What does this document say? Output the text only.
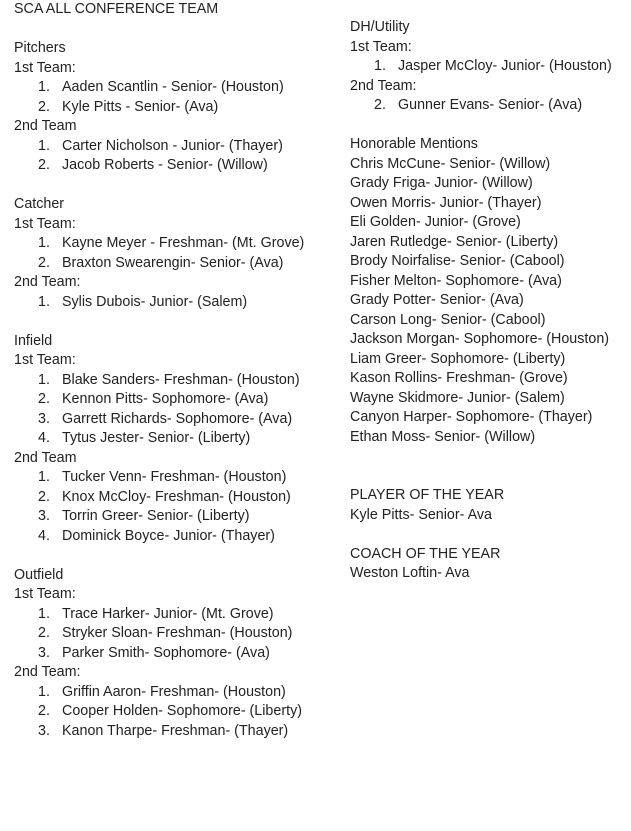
SCA ALL CONFERENCE TEAM
Pitchers
1st Team:
1. Aaden Scantlin - Senior- (Houston)
2. Kyle Pitts - Senior- (Ava)
2nd Team
1. Carter Nicholson - Junior- (Thayer)
2. Jacob Roberts - Senior- (Willow)
Catcher
1st Team:
1. Kayne Meyer - Freshman- (Mt. Grove)
2. Braxton Swearengin- Senior- (Ava)
2nd Team:
1. Sylis Dubois- Junior- (Salem)
Infield
1st Team:
1. Blake Sanders- Freshman- (Houston)
2. Kennon Pitts- Sophomore- (Ava)
3. Garrett Richards- Sophomore- (Ava)
4. Tytus Jester- Senior- (Liberty)
2nd Team
1. Tucker Venn- Freshman- (Houston)
2. Knox McCloy- Freshman- (Houston)
3. Torrin Greer- Senior- (Liberty)
4. Dominick Boyce- Junior- (Thayer)
Outfield
1st Team:
1. Trace Harker- Junior- (Mt. Grove)
2. Stryker Sloan- Freshman- (Houston)
3. Parker Smith- Sophomore- (Ava)
2nd Team:
1. Griffin Aaron- Freshman- (Houston)
2. Cooper Holden- Sophomore- (Liberty)
3. Kanon Tharpe- Freshman- (Thayer)
DH/Utility
1st Team:
1. Jasper McCloy- Junior- (Houston)
2nd Team:
2. Gunner Evans- Senior- (Ava)
Honorable Mentions
Chris McCune- Senior- (Willow)
Grady Friga- Junior- (Willow)
Owen Morris- Junior- (Thayer)
Eli Golden- Junior- (Grove)
Jaren Rutledge- Senior- (Liberty)
Brody Noirfalise- Senior- (Cabool)
Fisher Melton- Sophomore- (Ava)
Grady Potter- Senior- (Ava)
Carson Long- Senior- (Cabool)
Jackson Morgan- Sophomore- (Houston)
Liam Greer- Sophomore- (Liberty)
Kason Rollins- Freshman- (Grove)
Wayne Skidmore- Junior- (Salem)
Canyon Harper- Sophomore- (Thayer)
Ethan Moss- Senior- (Willow)
PLAYER OF THE YEAR
Kyle Pitts- Senior- Ava
COACH OF THE YEAR
Weston Loftin- Ava
